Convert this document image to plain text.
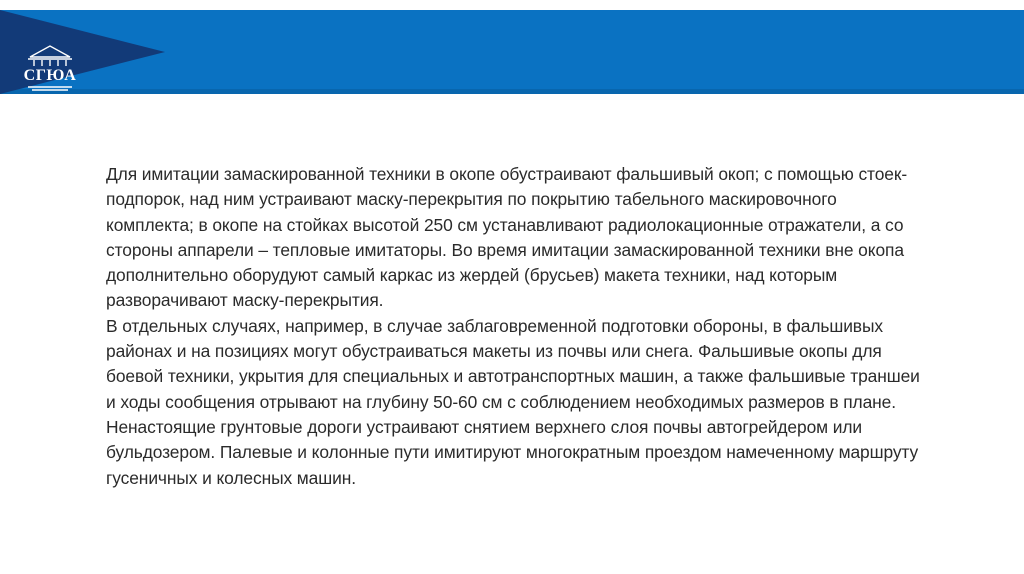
СГЮА

Для имитации замаскированной техники в окопе обустраивают фальшивый окоп; с помощью стоек-подпорок, над ним устраивают маску-перекрытия по покрытию табельного маскировочного комплекта; в окопе на стойках высотой 250 см устанавливают радиолокационные отражатели, а со стороны аппарели – тепловые имитаторы. Во время имитации замаскированной техники вне окопа дополнительно оборудуют самый каркас из жердей (брусьев) макета техники, над которым разворачивают маску-перекрытия.

В отдельных случаях, например, в случае заблаговременной подготовки обороны, в фальшивых районах и на позициях могут обустраиваться макеты из почвы или снега. Фальшивые окопы для боевой техники, укрытия для специальных и автотранспортных машин, а также фальшивые траншеи и ходы сообщения отрывают на глубину 50-60 см с соблюдением необходимых размеров в плане.

Ненастоящие грунтовые дороги устраивают снятием верхнего слоя почвы автогрейдером или бульдозером. Палевые и колонные пути имитируют многократным проездом намеченному маршруту гусеничных и колесных машин.
